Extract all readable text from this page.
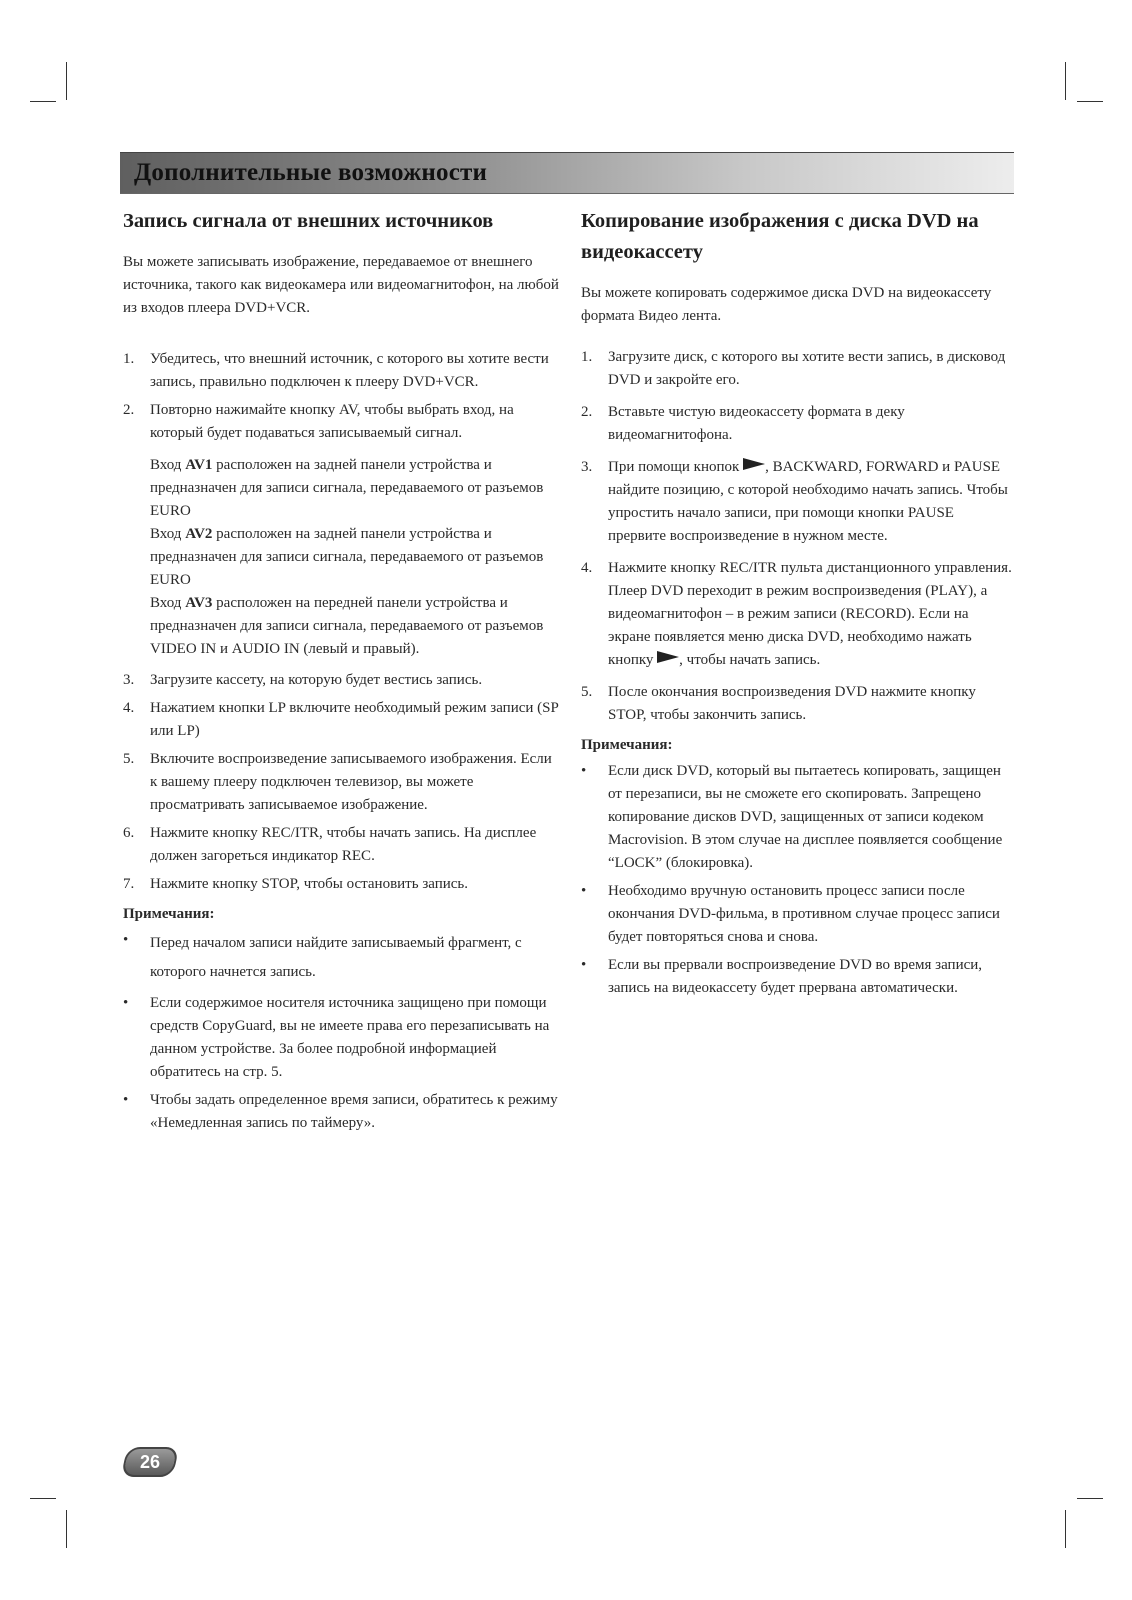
Дополнительные возможности
Запись сигнала от внешних источников

Вы можете записывать изображение, передаваемое от внешнего источника, такого как видеокамера или видеомагнитофон, на любой из входов плеера DVD+VCR.

1. Убедитесь, что внешний источник, с которого вы хотите вести запись, правильно подключен к плееру DVD+VCR.
2. Повторно нажимайте кнопку AV, чтобы выбрать вход, на который будет подаваться записываемый сигнал.

Вход AV1 расположен на задней панели устройства и предназначен для записи сигнала, передаваемого от разъемов EURO

Вход AV2 расположен на задней панели устройства и предназначен для записи сигнала, передаваемого от разъемов EURO

Вход AV3 расположен на передней панели устройства и предназначен для записи сигнала, передаваемого от разъемов VIDEO IN и AUDIO IN (левый и правый).

3. Загрузите кассету, на которую будет вестись запись.
4. Нажатием кнопки LP включите необходимый режим записи (SP или LP)
5. Включите воспроизведение записываемого изображения. Если к вашему плееру подключен телевизор, вы можете просматривать записываемое изображение.
6. Нажмите кнопку REC/ITR, чтобы начать запись. На дисплее должен загореться индикатор REC.
7. Нажмите кнопку STOP, чтобы остановить запись.
Примечания:
• Перед началом записи найдите записываемый фрагмент, с которого начнется запись.
• Если содержимое носителя источника защищено при помощи средств CopyGuard, вы не имеете права его перезаписывать на данном устройстве. За более подробной информацией обратитесь на стр. 5.
• Чтобы задать определенное время записи, обратитесь к режиму «Немедленная запись по таймеру».
Копирование изображения с диска DVD на видеокассету

Вы можете копировать содержимое диска DVD на видеокассету формата Видео лента.

1. Загрузите диск, с которого вы хотите вести запись, в дисковод DVD и закройте его.
2. Вставьте чистую видеокассету формата в деку видеомагнитофона.
3. При помощи кнопок , BACKWARD, FORWARD и PAUSE найдите позицию, с которой необходимо начать запись. Чтобы упростить начало записи, при помощи кнопки PAUSE прервите воспроизведение в нужном месте.
4. Нажмите кнопку REC/ITR пульта дистанционного управления. Плеер DVD переходит в режим воспроизведения (PLAY), а видеомагнитофон – в режим записи (RECORD). Если на экране появляется меню диска DVD, необходимо нажать кнопку , чтобы начать запись.
5. После окончания воспроизведения DVD нажмите кнопку STOP, чтобы закончить запись.
Примечания:
• Если диск DVD, который вы пытаетесь копировать, защищен от перезаписи, вы не сможете его скопировать. Запрещено копирование дисков DVD, защищенных от записи кодеком Macrovision. В этом случае на дисплее появляется сообщение “LOCK” (блокировка).
• Необходимо вручную остановить процесс записи после окончания DVD-фильма, в противном случае процесс записи будет повторяться снова и снова.
• Если вы прервали воспроизведение DVD во время записи, запись на видеокассету будет прервана автоматически.
26
